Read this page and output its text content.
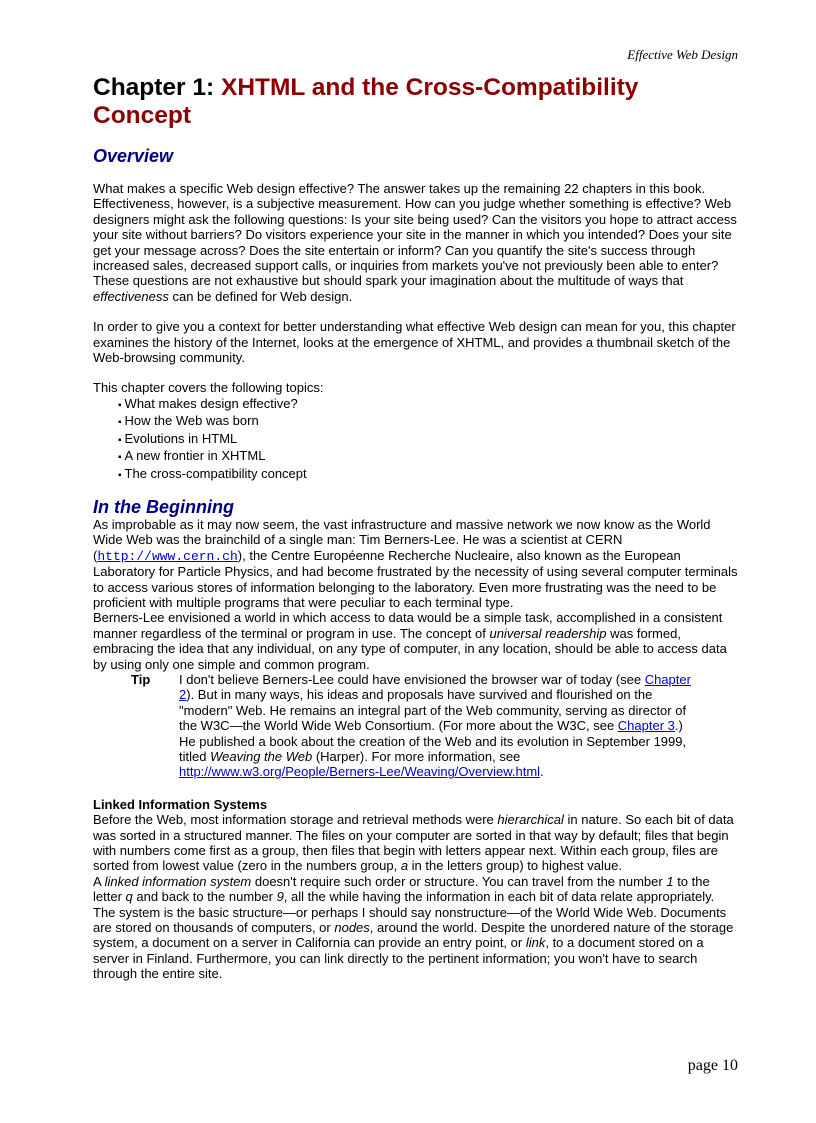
Effective Web Design
Chapter 1: XHTML and the Cross-Compatibility Concept
Overview

What makes a specific Web design effective? The answer takes up the remaining 22 chapters in this book. Effectiveness, however, is a subjective measurement. How can you judge whether something is effective? Web designers might ask the following questions: Is your site being used? Can the visitors you hope to attract access your site without barriers? Do visitors experience your site in the manner in which you intended? Does your site get your message across? Does the site entertain or inform? Can you quantify the site's success through increased sales, decreased support calls, or inquiries from markets you've not previously been able to enter?

These questions are not exhaustive but should spark your imagination about the multitude of ways that effectiveness can be defined for Web design.

In order to give you a context for better understanding what effective Web design can mean for you, this chapter examines the history of the Internet, looks at the emergence of XHTML, and provides a thumbnail sketch of the Web-browsing community.

This chapter covers the following topics:

▪ What makes design effective?
▪ How the Web was born
▪ Evolutions in HTML
▪ A new frontier in XHTML
▪ The cross-compatibility concept
In the Beginning

As improbable as it may now seem, the vast infrastructure and massive network we now know as the World Wide Web was the brainchild of a single man: Tim Berners-Lee. He was a scientist at CERN (http://www.cern.ch), the Centre Européenne Recherche Nucleaire, also known as the European Laboratory for Particle Physics, and had become frustrated by the necessity of using several computer terminals to access various stores of information belonging to the laboratory. Even more frustrating was the need to be proficient with multiple programs that were peculiar to each terminal type.

Berners-Lee envisioned a world in which access to data would be a simple task, accomplished in a consistent manner regardless of the terminal or program in use. The concept of universal readership was formed, embracing the idea that any individual, on any type of computer, in any location, should be able to access data by using only one simple and common program.

Tip	I don't believe Berners-Lee could have envisioned the browser war of today (see Chapter 2). But in many ways, his ideas and proposals have survived and flourished on the "modern" Web. He remains an integral part of the Web community, serving as director of the W3C—the World Wide Web Consortium. (For more about the W3C, see Chapter 3.) He published a book about the creation of the Web and its evolution in September 1999, titled Weaving the Web (Harper). For more information, see http://www.w3.org/People/Berners-Lee/Weaving/Overview.html.
Linked Information Systems

Before the Web, most information storage and retrieval methods were hierarchical in nature. So each bit of data was sorted in a structured manner. The files on your computer are sorted in that way by default; files that begin with numbers come first as a group, then files that begin with letters appear next. Within each group, files are sorted from lowest value (zero in the numbers group, a in the letters group) to highest value.

A linked information system doesn't require such order or structure. You can travel from the number 1 to the letter q and back to the number 9, all the while having the information in each bit of data relate appropriately. The system is the basic structure—or perhaps I should say nonstructure—of the World Wide Web. Documents are stored on thousands of computers, or nodes, around the world. Despite the unordered nature of the storage system, a document on a server in California can provide an entry point, or link, to a document stored on a server in Finland. Furthermore, you can link directly to the pertinent information; you won't have to search through the entire site.

page 10
